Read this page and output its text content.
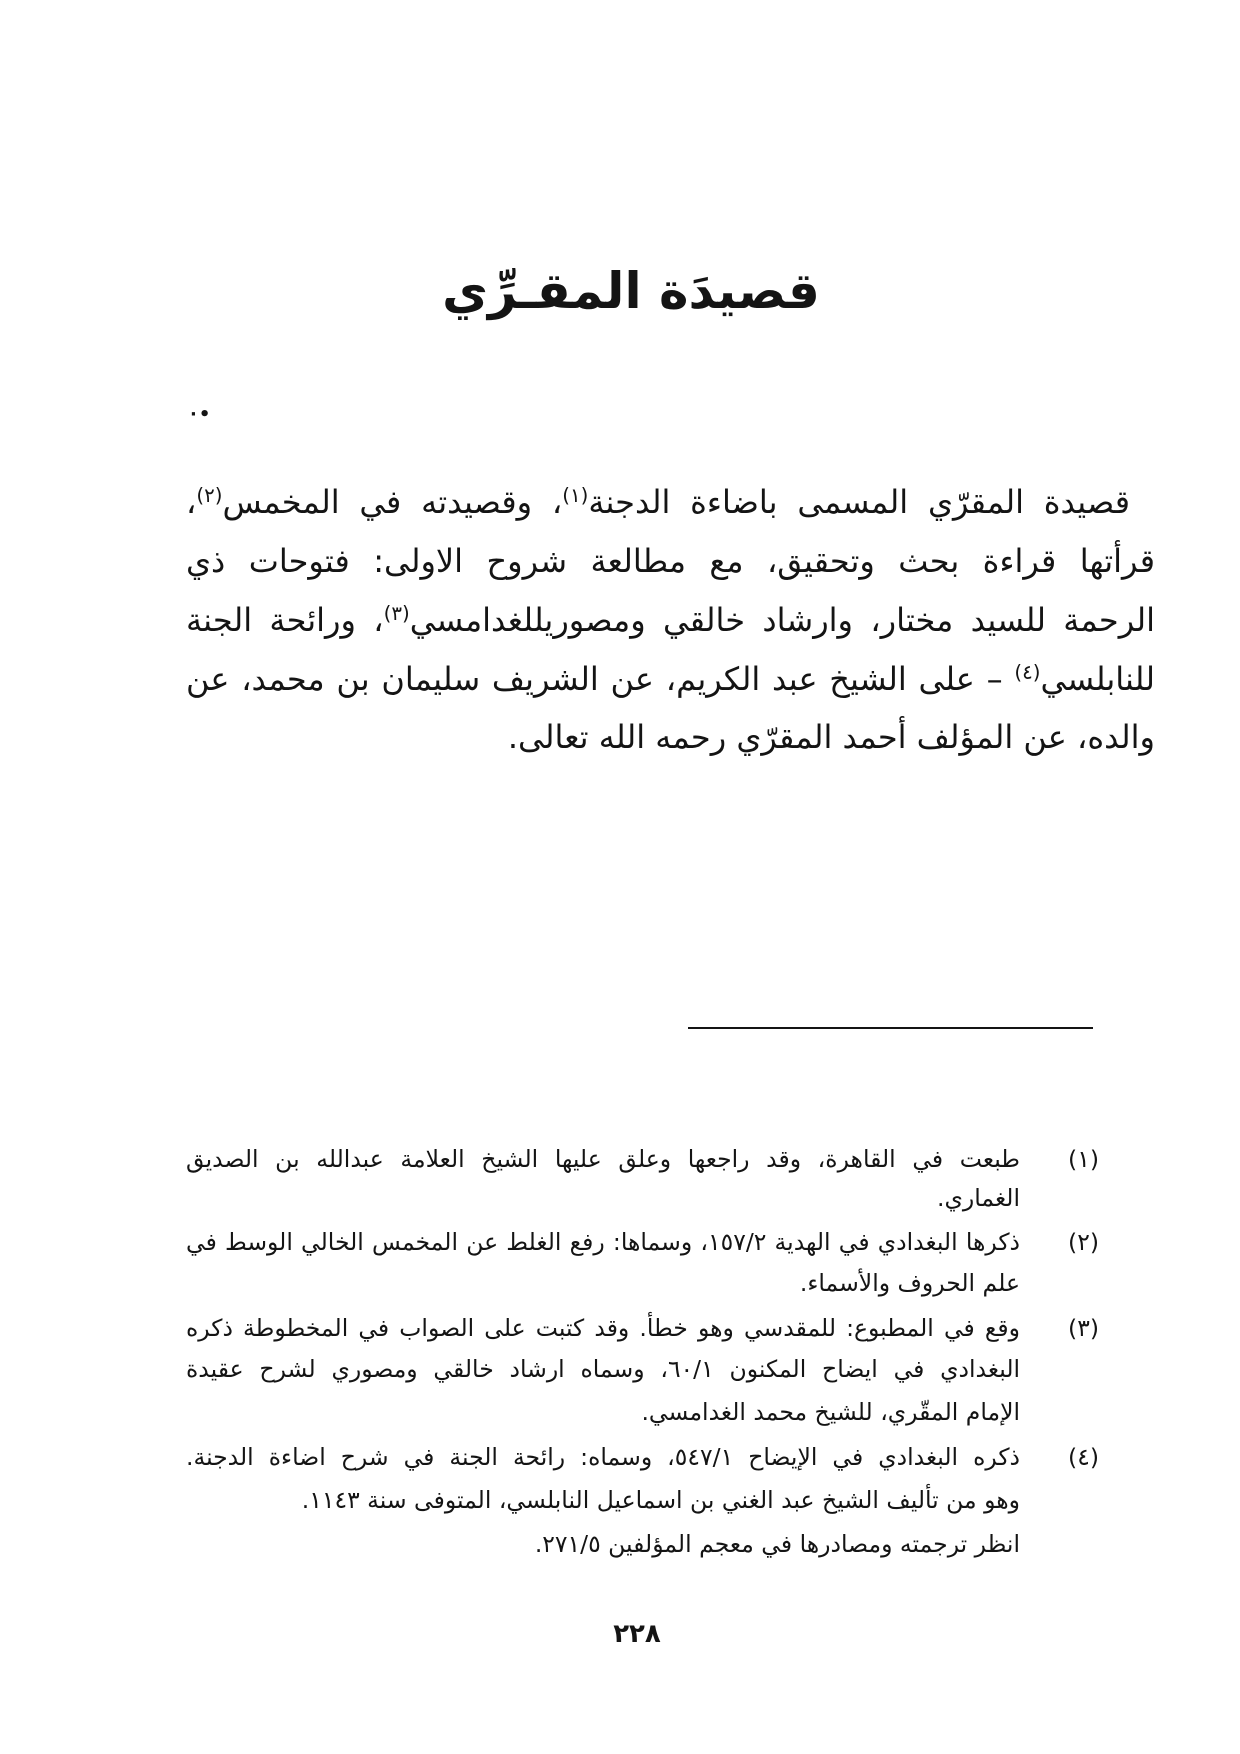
قصيدَة المقـرِّي
·•
قصيدة المقرّي المسمى باضاءة الدجنة$^{(١)}$، وقصيدته في المخمس$^{(٢)}$،
قرأتها قراءة بحث وتحقيق، مع مطالعة شروح الاولى: فتوحات ذي
الرحمة للسيد مختار، وارشاد خالقي ومصوريللغدامسي$^{(٣)}$، ورائحة الجنة
للنابلسي$^{(٤)}$ – على الشيخ عبد الكريم، عن الشريف سليمان بن محمد، عن
والده، عن المؤلف أحمد المقرّي رحمه الله تعالى.
(١)
طبعت في القاهرة، وقد راجعها وعلق عليها الشيخ العلامة عبدالله بن الصديق
الغماري.
(٢)
ذكرها البغدادي في الهدية ١٥٧/٢، وسماها: رفع الغلط عن المخمس الخالي الوسط في
علم الحروف والأسماء.
(٣)
وقع في المطبوع: للمقدسي وهو خطأ. وقد كتبت على الصواب في المخطوطة ذكره
البغدادي في ايضاح المكنون ٦٠/١، وسماه ارشاد خالقي ومصوري لشرح عقيدة
الإمام المقّري، للشيخ محمد الغدامسي.
(٤)
ذكره البغدادي في الإيضاح ٥٤٧/١، وسماه: رائحة الجنة في شرح اضاءة الدجنة.
وهو من تأليف الشيخ عبد الغني بن اسماعيل النابلسي، المتوفى سنة ١١٤٣.
انظر ترجمته ومصادرها في معجم المؤلفين ٢٧١/٥.
٢٢٨
